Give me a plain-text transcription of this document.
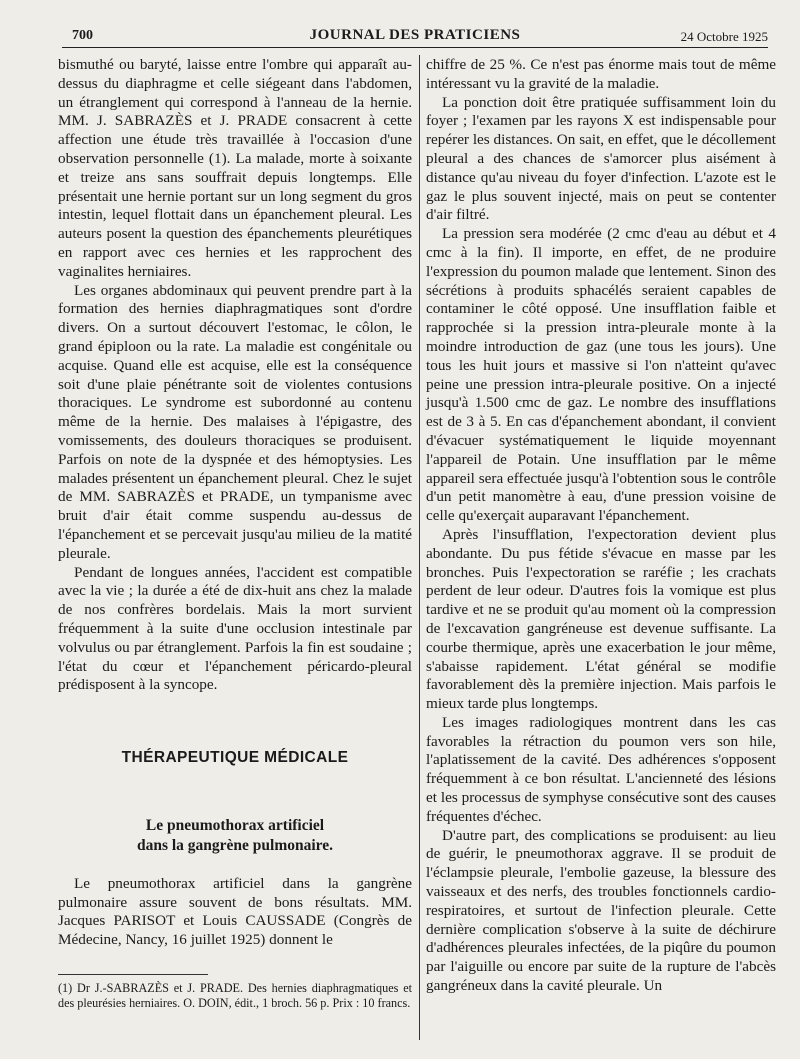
700	JOURNAL DES PRATICIENS	24 Octobre 1925

bismuthé ou baryté, laisse entre l'ombre qui apparaît au-dessus du diaphragme et celle siégeant dans l'abdomen, un étranglement qui correspond à l'anneau de la hernie. MM. J. SABRAZÈS et J. PRADE consacrent à cette affection une étude très travaillée à l'occasion d'une observation personnelle (1). La malade, morte à soixante et treize ans sans souffrait depuis longtemps. Elle présentait une hernie portant sur un long segment du gros intestin, lequel flottait dans un épanchement pleural. Les auteurs posent la question des épanchements pleurétiques en rapport avec ces hernies et les rapprochent des vaginalites herniaires.

Les organes abdominaux qui peuvent prendre part à la formation des hernies diaphragmatiques sont d'ordre divers. On a surtout découvert l'estomac, le côlon, le grand épiploon ou la rate. La maladie est congénitale ou acquise. Quand elle est acquise, elle est la conséquence soit d'une plaie pénétrante soit de violentes contusions thoraciques. Le syndrome est subordonné au contenu même de la hernie. Des malaises à l'épigastre, des vomissements, des douleurs thoraciques se produisent. Parfois on note de la dyspnée et des hémoptysies. Les malades présentent un épanchement pleural. Chez le sujet de MM. SABRAZÈS et PRADE, un tympanisme avec bruit d'air était comme suspendu au-dessus de l'épanchement et se percevait jusqu'au milieu de la matité pleurale.

Pendant de longues années, l'accident est compatible avec la vie ; la durée a été de dix-huit ans chez la malade de nos confrères bordelais. Mais la mort survient fréquemment à la suite d'une occlusion intestinale par volvulus ou par étranglement. Parfois la fin est soudaine ; l'état du cœur et l'épanchement péricardo-pleural prédisposent à la syncope.

THÉRAPEUTIQUE MÉDICALE
Le pneumothorax artificiel
dans la gangrène pulmonaire.

Le pneumothorax artificiel dans la gangrène pulmonaire assure souvent de bons résultats. MM. Jacques PARISOT et Louis CAUSSADE (Congrès de Médecine, Nancy, 16 juillet 1925) donnent le

(1) Dr J.-SABRAZÈS et J. PRADE. Des hernies diaphragmatiques et des pleurésies herniaires. O. DOIN, édit., 1 broch. 56 p. Prix : 10 francs.

chiffre de 25 %. Ce n'est pas énorme mais tout de même intéressant vu la gravité de la maladie.

La ponction doit être pratiquée suffisamment loin du foyer ; l'examen par les rayons X est indispensable pour repérer les distances. On sait, en effet, que le décollement pleural a des chances de s'amorcer plus aisément à distance qu'au niveau du foyer d'infection. L'azote est le gaz le plus souvent injecté, mais on peut se contenter d'air filtré.

La pression sera modérée (2 cmc d'eau au début et 4 cmc à la fin). Il importe, en effet, de ne produire l'expression du poumon malade que lentement. Sinon des sécrétions à produits sphacélés seraient capables de contaminer le côté opposé. Une insufflation faible et rapprochée si la pression intra-pleurale monte à la moindre introduction de gaz (une tous les jours). Une tous les huit jours et massive si l'on n'atteint qu'avec peine une pression intra-pleurale positive. On a injecté jusqu'à 1.500 cmc de gaz. Le nombre des insufflations est de 3 à 5. En cas d'épanchement abondant, il convient d'évacuer systématiquement le liquide moyennant l'appareil de Potain. Une insufflation par le même appareil sera effectuée jusqu'à l'obtention sous le contrôle d'un petit manomètre à eau, d'une pression voisine de celle qu'exerçait auparavant l'épanchement.

Après l'insufflation, l'expectoration devient plus abondante. Du pus fétide s'évacue en masse par les bronches. Puis l'expectoration se raréfie ; les crachats perdent de leur odeur. D'autres fois la vomique est plus tardive et ne se produit qu'au moment où la compression de l'excavation gangréneuse est devenue suffisante. La courbe thermique, après une exacerbation le jour même, s'abaisse rapidement. L'état général se modifie favorablement dès la première injection. Mais parfois le mieux tarde plus longtemps.

Les images radiologiques montrent dans les cas favorables la rétraction du poumon vers son hile, l'aplatissement de la cavité. Des adhérences s'opposent fréquemment à ce bon résultat. L'ancienneté des lésions et les processus de symphyse consécutive sont des causes fréquentes d'échec.

D'autre part, des complications se produisent: au lieu de guérir, le pneumothorax aggrave. Il se produit de l'éclampsie pleurale, l'embolie gazeuse, la blessure des vaisseaux et des nerfs, des troubles fonctionnels cardio-respiratoires, et surtout de l'infection pleurale. Cette dernière complication s'observe à la suite de déchirure d'adhérences pleurales infectées, de la piqûre du poumon par l'aiguille ou encore par suite de la rupture de l'abcès gangréneux dans la cavité pleurale. Un
